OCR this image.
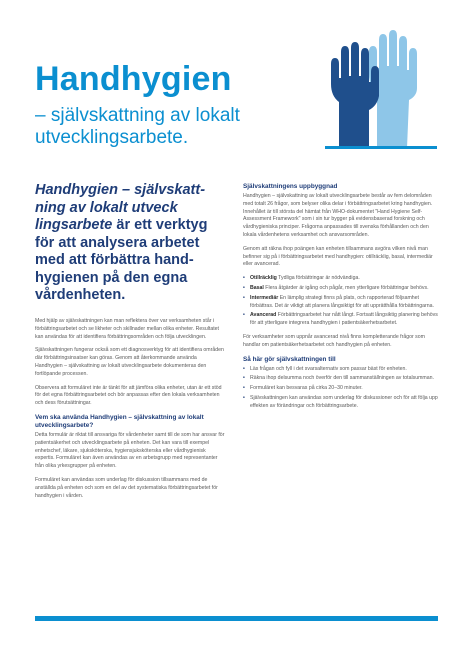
Handhygien
– självskattning av lokalt utvecklingsarbete.
Handhygien – självskatt-ning av lokalt utveck lingsarbete är ett verktyg för att analysera arbetet med att förbättra hand-hygienen på den egna vårdenheten.

Med hjälp av självskattningen kan man reflektera över var verksamheten står i förbättringsarbetet och se likheter och skillnader mellan olika enheter. Resultatet kan användas för att identifiera förbättringsområden och följa utvecklingen.

Självskattningen fungerar också som ett diagnosverktyg för att identifiera områden där förbättringsinsatser kan göras. Genom att återkommande använda Handhygien – självskattning av lokalt utvecklingsarbete dokumenteras den fortlöpande processen.

Observera att formuläret inte är tänkt för att jämföra olika enheter, utan är ett stöd för det egna förbättringsarbetet och bör anpassas efter den lokala verksamheten och dess förutsättningar.

Vem ska använda Handhygien – självskattning av lokalt utvecklingsarbete?

Detta formulär är riktat till ansvariga för vårdenheter samt till de som har ansvar för patientsäkerhet och utvecklingsarbete på enheten. Det kan vara till exempel enhetschef, läkare, sjuksköterska, hygiensjuksköterska eller vårdhygienisk expertis. Formuläret kan även användas av en arbetsgrupp med representanter från olika yrkesgrupper på enheten.

Formuläret kan användas som underlag för diskussion tillsammans med de anställda på enheten och som en del av det systematiska förbättringsarbetet för handhygien i vården.

Självskattningens uppbyggnad

Handhygien – självskattning av lokalt utvecklingsarbete består av fem delområden med totalt 26 frågor, som belyser olika delar i förbättringsarbetet kring handhygien. Innehållet är till största del hämtat från WHO-dokumentet "Hand Hygiene Self-Assessment Framework" som i sin tur bygger på evidensbaserad forskning och vårdhygieniska principer. Frågorna anpassades till svenska förhållanden och den lokala vårdenhetens verksamhet och ansvarsområden.

Genom att räkna ihop poängen kan enheten tillsammans avgöra vilken nivå man befinner sig på i förbättringsarbetet med handhygien: otillräcklig, basal, intermediär eller avancerad.

• Otillräcklig Tydliga förbättringar är nödvändiga.
• Basal Flera åtgärder är igång och pågår, men ytterligare förbättringar behövs.
• Intermediär En lämplig strategi finns på plats, och rapporterad följsamhet förbättras. Det är viktigt att planera långsiktigt för att upprätthålla förbättringarna.
• Avancerad Förbättringsarbetet har nått långt. Fortsatt långsiktig planering behövs för att ytterligare integrera handhygien i patientsäkerhetsarbetet.

För verksamheter som uppnår avancerad nivå finns kompletterande frågor som handlar om patientsäkerhetsarbetet och handhygien på enheten.

Så här gör självskattningen till
• Läs frågan och fyll i det svarsalternativ som passar bäst för enheten.
• Räkna ihop delsumma noch överför den till sammanställningen av totalsumman.
• Formuläret kan besvaras på cirka 20–30 minuter.
• Självskattningen kan användas som underlag för diskussioner och för att följa upp effekten av förändringar och förbättringsarbete.
